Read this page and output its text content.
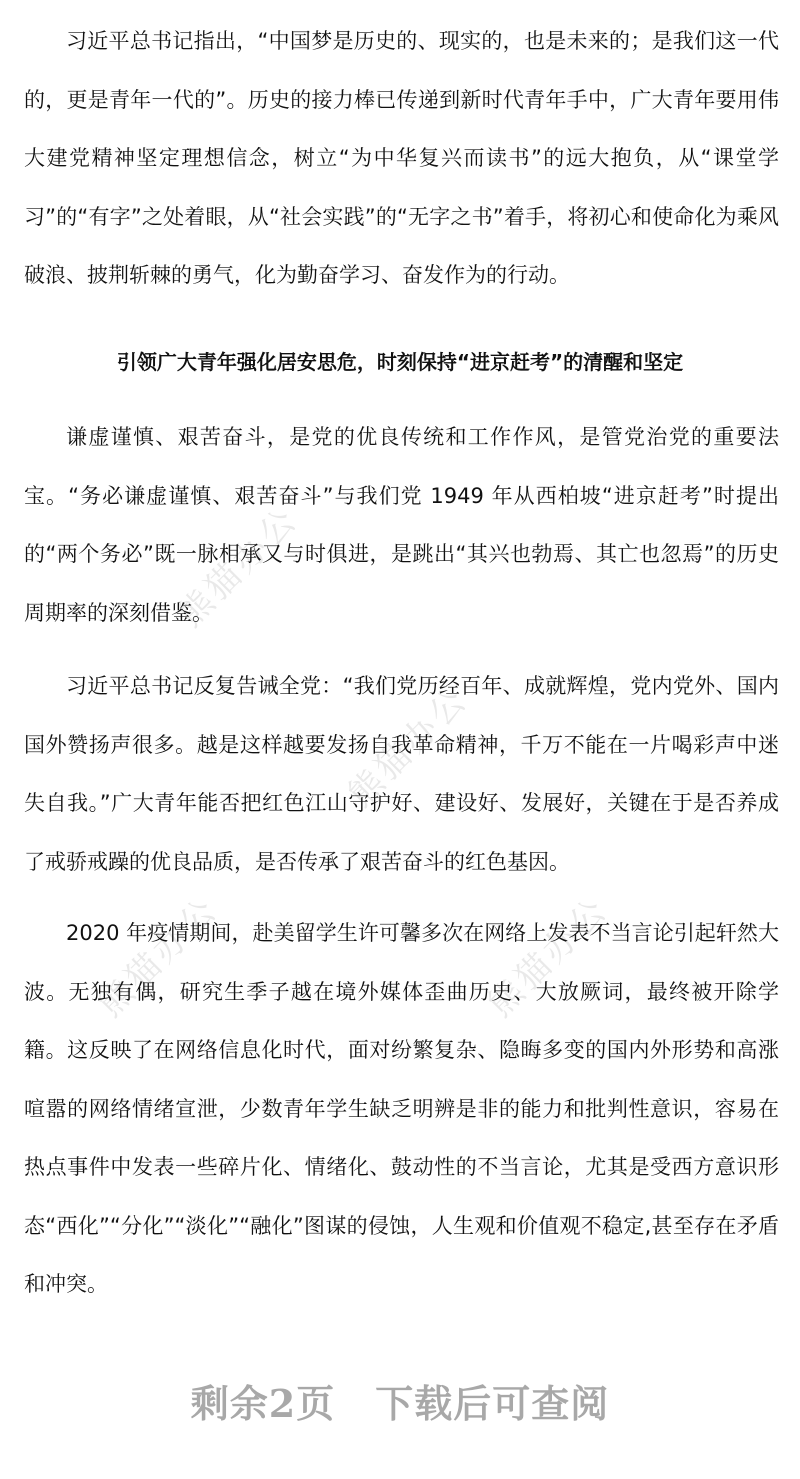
熊猫办公
熊猫办公
熊猫办公
熊猫办公

习近平总书记指出，“中国梦是历史的、现实的，也是未来的；是我们这一代的，更是青年一代的”。历史的接力棒已传递到新时代青年手中，广大青年要用伟大建党精神坚定理想信念，树立“为中华复兴而读书”的远大抱负，从“课堂学习”的“有字”之处着眼，从“社会实践”的“无字之书”着手，将初心和使命化为乘风破浪、披荆斩棘的勇气，化为勤奋学习、奋发作为的行动。

引领广大青年强化居安思危，时刻保持“进京赶考”的清醒和坚定

谦虚谨慎、艰苦奋斗，是党的优良传统和工作作风，是管党治党的重要法宝。“务必谦虚谨慎、艰苦奋斗”与我们党 1949 年从西柏坡“进京赶考”时提出的“两个务必”既一脉相承又与时俱进，是跳出“其兴也勃焉、其亡也忽焉”的历史周期率的深刻借鉴。

习近平总书记反复告诫全党：“我们党历经百年、成就辉煌，党内党外、国内国外赞扬声很多。越是这样越要发扬自我革命精神，千万不能在一片喝彩声中迷失自我。”广大青年能否把红色江山守护好、建设好、发展好，关键在于是否养成了戒骄戒躁的优良品质，是否传承了艰苦奋斗的红色基因。

2020 年疫情期间，赴美留学生许可馨多次在网络上发表不当言论引起轩然大波。无独有偶，研究生季子越在境外媒体歪曲历史、大放厥词，最终被开除学籍。这反映了在网络信息化时代，面对纷繁复杂、隐晦多变的国内外形势和高涨喧嚣的网络情绪宣泄，少数青年学生缺乏明辨是非的能力和批判性意识，容易在热点事件中发表一些碎片化、情绪化、鼓动性的不当言论，尤其是受西方意识形态“西化”“分化”“淡化”“融化”图谋的侵蚀，人生观和价值观不稳定,甚至存在矛盾和冲突。

剩余2页 下载后可查阅
